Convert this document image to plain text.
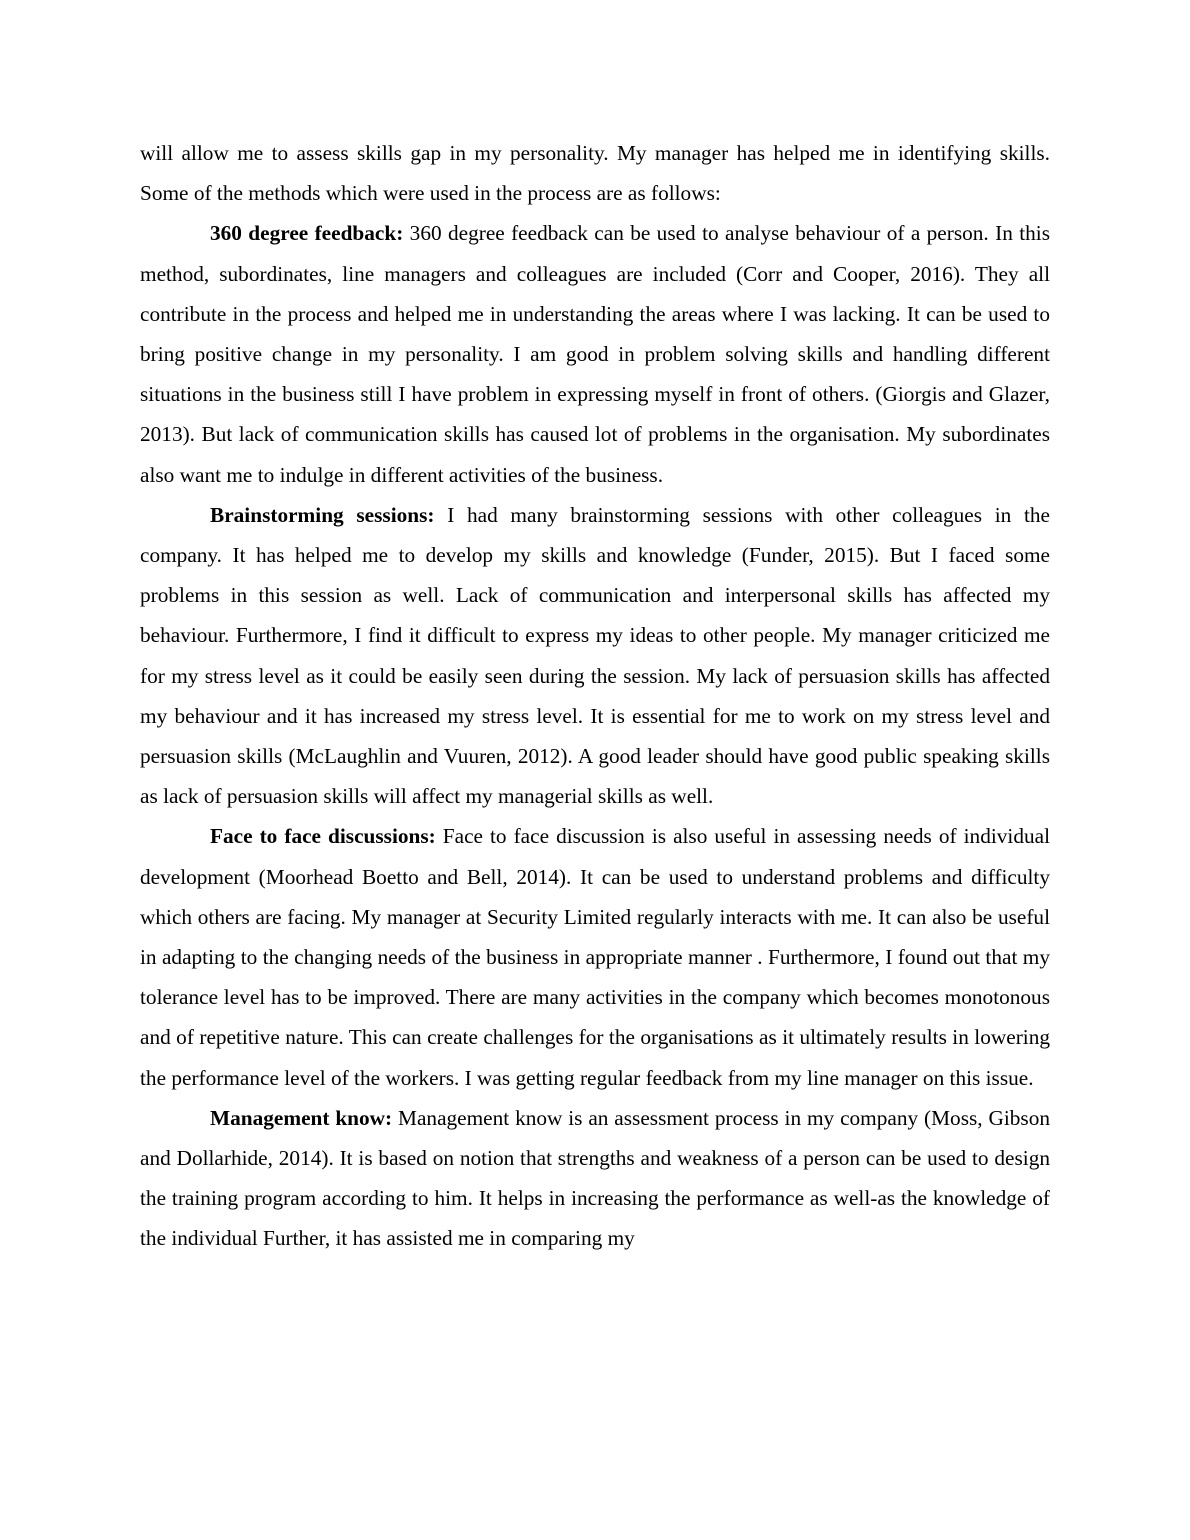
will allow me to assess skills gap in my personality. My manager has helped me in identifying skills. Some of the methods which were used in the process are as follows:

360 degree feedback: 360 degree feedback can be used to analyse behaviour of a person. In this method, subordinates, line managers and colleagues are included (Corr and Cooper, 2016). They all contribute in the process and helped me in understanding the areas where I was lacking. It can be used to bring positive change in my personality. I am good in problem solving skills and handling different situations in the business still I have problem in expressing myself in front of others. (Giorgis and Glazer, 2013). But lack of communication skills has caused lot of problems in the organisation. My subordinates also want me to indulge in different activities of the business.

Brainstorming sessions: I had many brainstorming sessions with other colleagues in the company. It has helped me to develop my skills and knowledge (Funder, 2015). But I faced some problems in this session as well. Lack of communication and interpersonal skills has affected my behaviour. Furthermore, I find it difficult to express my ideas to other people. My manager criticized me for my stress level as it could be easily seen during the session. My lack of persuasion skills has affected my behaviour and it has increased my stress level. It is essential for me to work on my stress level and persuasion skills (McLaughlin and Vuuren, 2012). A good leader should have good public speaking skills as lack of persuasion skills will affect my managerial skills as well.

Face to face discussions: Face to face discussion is also useful in assessing needs of individual development (Moorhead Boetto and Bell, 2014). It can be used to understand problems and difficulty which others are facing. My manager at Security Limited regularly interacts with me. It can also be useful in adapting to the changing needs of the business in appropriate manner . Furthermore, I found out that my tolerance level has to be improved. There are many activities in the company which becomes monotonous and of repetitive nature. This can create challenges for the organisations as it ultimately results in lowering the performance level of the workers. I was getting regular feedback from my line manager on this issue.

Management know: Management know is an assessment process in my company (Moss, Gibson and Dollarhide, 2014). It is based on notion that strengths and weakness of a person can be used to design the training program according to him. It helps in increasing the performance as well-as the knowledge of the individual Further, it has assisted me in comparing my
